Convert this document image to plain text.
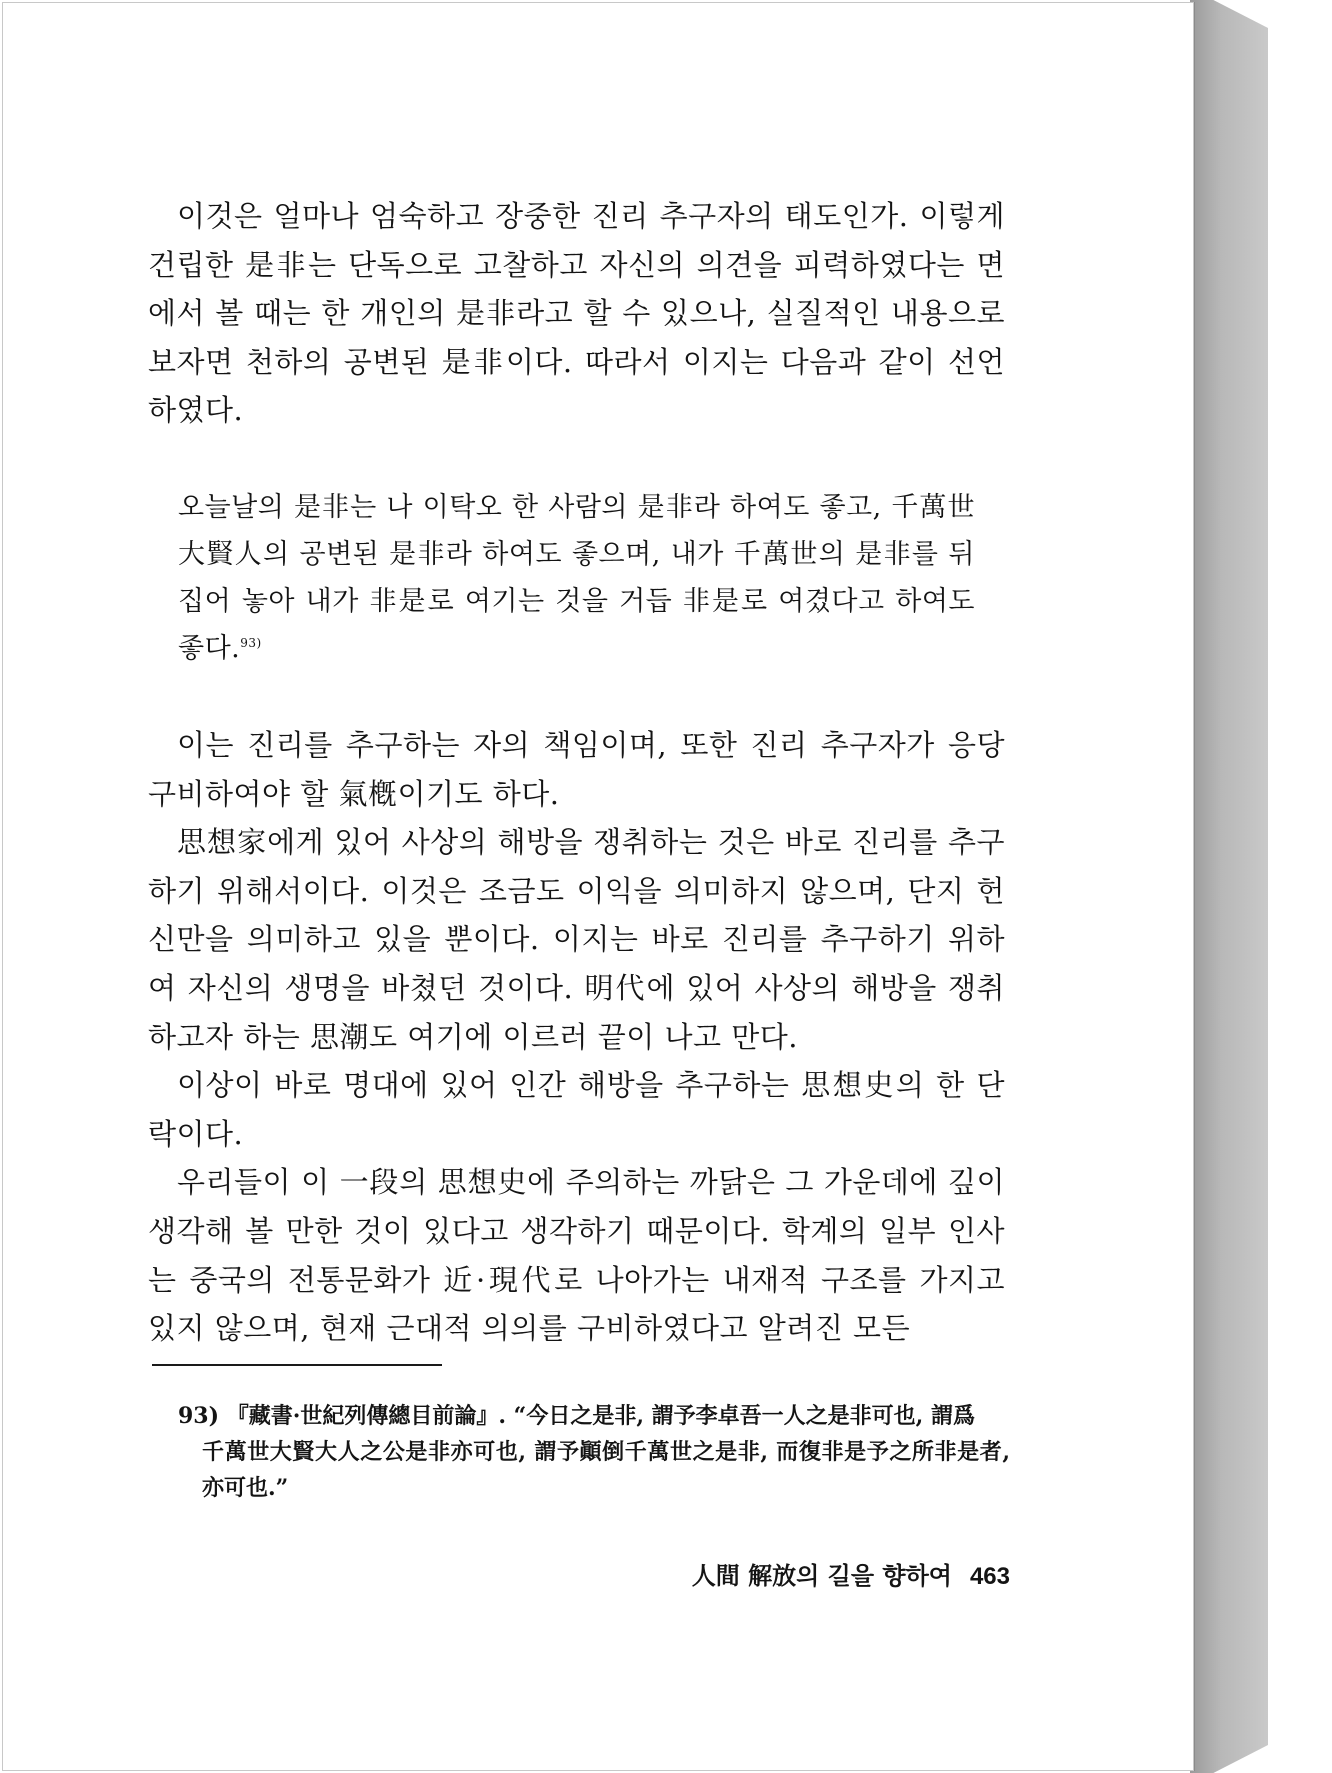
이것은 얼마나 엄숙하고 장중한 진리 추구자의 태도인가. 이렇게 건립한 是非는 단독으로 고찰하고 자신의 의견을 피력하였다는 면에서 볼 때는 한 개인의 是非라고 할 수 있으나, 실질적인 내용으로 보자면 천하의 공변된 是非이다. 따라서 이지는 다음과 같이 선언하였다.

오늘날의 是非는 나 이탁오 한 사람의 是非라 하여도 좋고, 千萬世 大賢人의 공변된 是非라 하여도 좋으며, 내가 千萬世의 是非를 뒤집어 놓아 내가 非是로 여기는 것을 거듭 非是로 여겼다고 하여도 좋다.$^{93)}$

이는 진리를 추구하는 자의 책임이며, 또한 진리 추구자가 응당 구비하여야 할 氣槪이기도 하다.

思想家에게 있어 사상의 해방을 쟁취하는 것은 바로 진리를 추구하기 위해서이다. 이것은 조금도 이익을 의미하지 않으며, 단지 헌신만을 의미하고 있을 뿐이다. 이지는 바로 진리를 추구하기 위하여 자신의 생명을 바쳤던 것이다. 明代에 있어 사상의 해방을 쟁취하고자 하는 思潮도 여기에 이르러 끝이 나고 만다.

이상이 바로 명대에 있어 인간 해방을 추구하는 思想史의 한 단락이다.

우리들이 이 一段의 思想史에 주의하는 까닭은 그 가운데에 깊이 생각해 볼 만한 것이 있다고 생각하기 때문이다. 학계의 일부 인사는 중국의 전통문화가 近·現代로 나아가는 내재적 구조를 가지고 있지 않으며, 현재 근대적 의의를 구비하였다고 알려진 모든

93) 『藏書·世紀列傳總目前論』. “今日之是非, 謂予李卓吾一人之是非可也, 謂爲
千萬世大賢大人之公是非亦可也, 謂予顚倒千萬世之是非, 而復非是予之所非是者, 亦可也.”

人間 解放의 길을 향하여 463
